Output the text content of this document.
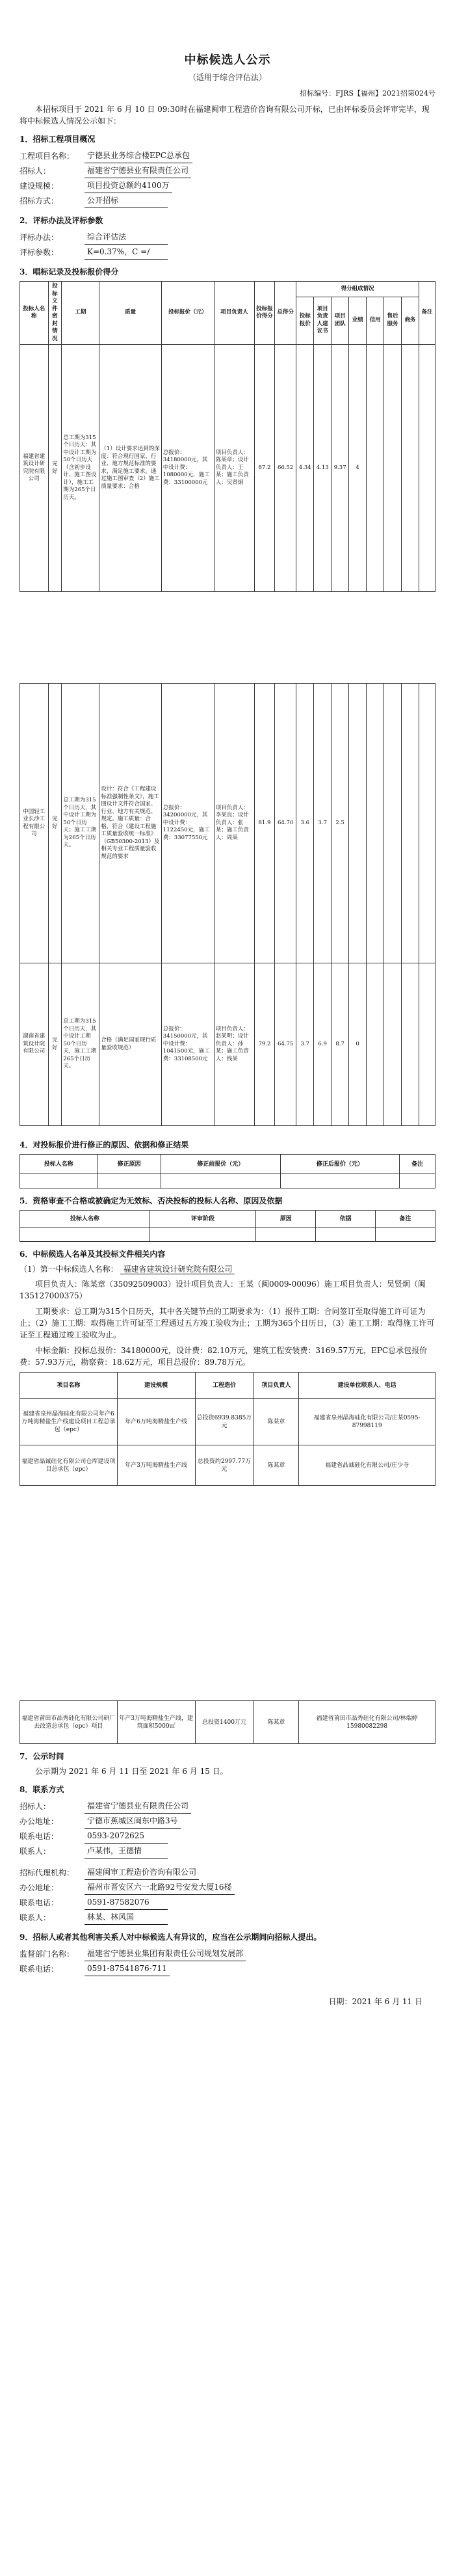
中标候选人公示
（适用于综合评估法）
招标编号：FJRS【福州】2021招第024号

本招标项目于 2021 年 6 月 10 日 09:30时在福建闽审工程造价咨询有限公司开标，已由评标委员会评审完毕，现将中标候选人情况公示如下：

1．招标工程项目概况
工程项目名称：	宁德县业务综合楼EPC总承包
招标人：	福建省宁德县业有限责任公司
建设规模：	项目投资总额约4100万
招标方式：	公开招标
2．评标办法及评标参数
评标办法：	综合评估法
评标参数：	K=0.37%，C =/
3．唱标记录及投标报价得分
投标人名称	投标文件密封情况	工期	质量	投标报价（元）	项目负责人	投标报价得分	总得分	得分组成情况							备注
								投标报价	项目负责人建议书	项目团队	业绩	信用	售后服务	商务	
福建省建筑设计研究院有限公司	完好	总工期为315个日历天：其中设计工期为50个日历天（含初步设计、施工图设计），施工工期为265个日历天。	（1）设计要求达到的深度：符合现行国家、行业、地方规范标准的要求，满足施工要求。通过施工图审查（2）施工质量要求：合格	总报价：34180000元，其中设计费：1080000元，施工费：33100000元	项目负责人：陈某章；设计负责人：王某；施工负责人：吴贤炯	87.2	66.52	4.34	4.13	9.37	4				
中国轻工业长沙工程有限公司	完好	总工期为315个日历天，其中设计工期为50个日历天；施工工期为265个日历天。	设计：符合《工程建设标准强制性条文》，施工图设计文件符合国家、行业、地方有关规范、规定。施工质量：合格，符合《建设工程施工质量验收统一标准》（GB50300-2013）及相关专业工程质量验收规范的要求	总报价：34200000元，其中设计费：1122450元，施工费：33077550元	项目负责人：李某良；设计负责人：张某；施工负责人：周某	81.9	64.70	3.6	3.7	2.5					
湖南省建筑设计院有限公司	完好	总工期为315个日历天，其中设计工期50个日历天，施工工期265个日历天。	合格（满足国家现行质量验收规范）	总报价：34150000元，其中设计费：1041500元，施工费：33108500元	项目负责人：赵某明；设计负责人：孙某；施工负责人：钱某	79.2	64.75	3.7	6.9	8.7	0				
4．对投标报价进行修正的原因、依据和修正结果
投标人名称	修正原因	修正前报价（元）	修正后报价（元）	备注

5．资格审查不合格或被确定为无效标、否决投标的投标人名称、原因及依据
投标人名称	评审阶段	原因	依据	备注

6．中标候选人名单及其投标文件相关内容
（1）第一中标候选人名称： 福建省建筑设计研究院有限公司

项目负责人：陈某章（35092509003）设计项目负责人：王某（闽0009-00096）施工项目负责人：吴贤炯（闽135127000375）

工期要求：总工期为315个日历天，其中各关键节点的工期要求为：（1）报件工期：合同签订至取得施工许可证为止；（2）施工工期：取得施工许可证至工程通过五方竣工验收为止；工期为365个日历日，（3）施工工期：取得施工许可证至工程通过竣工验收为止。

中标金额：投标总报价：34180000元，设计费：82.10万元，建筑工程安装费：3169.57万元，EPC总承包报价费：57.93万元，勘察费：18.62万元，项目总报价：89.78万元。

项目名称	建设规模	工程造价	项目负责人	建设单位联系人、电话
福建省泉州晶海硅化有限公司年产6万吨海精盐生产线建设项目工程总承包（epc）	年产6万吨海精盐生产线	总投资6939.8385万元	陈某章	福建省泉州晶海硅化有限公司/庄某0595-87998119
福建省晶诚硅化有限公司仓库建设项目总承包（epc）	年产3万吨海精盐生产线	总投资约2997.77万元	陈某章	福建省晶诚硅化有限公司/庄少寺
福建省莆田市晶秀硅化有限公司研厂去改造总承包（epc）项目	年产3万吨海精盐生产线，建筑面积5000㎡	总投资1400万元	陈某章	福建省莆田市晶秀硅化有限公司/林端婷 15980082298
7．公示时间

公示期为 2021 年 6 月 11 日至 2021 年 6 月 15 日。

8．联系方式
招标人：	福建省宁德县业有限责任公司
办公地址：	宁德市蕉城区闽东中路3号
联系电话：	0593-2072625
联系人：	卢某伟，王德情
招标代理机构：	福建闽审工程造价咨询有限公司
办公地址：	福州市晋安区六一北路92号安发大厦16楼
联系电话：	0591-87582076
联系人：	林某、林风国
9．招标人或者其他利害关系人对中标候选人有异议的，应当在公示期间向招标人提出。
监督部门名称：	福建省宁德县业集团有限责任公司规划发展部
联系电话：	0591-87541876-711
日期：2021 年 6 月 11 日
